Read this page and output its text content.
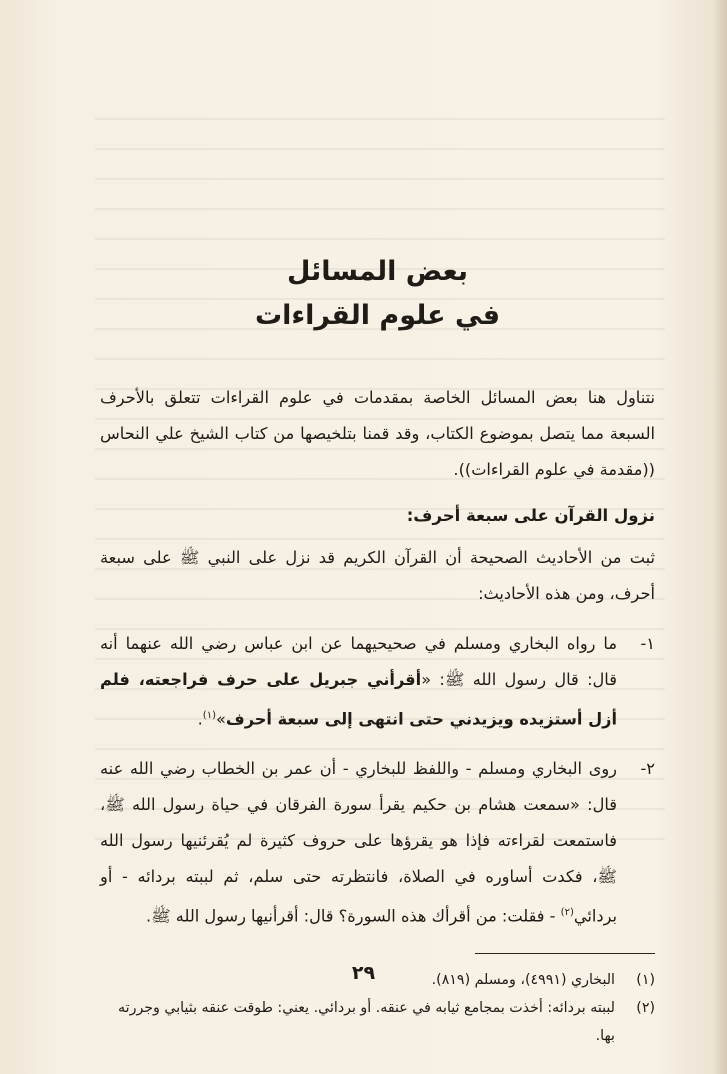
بعض المسائل
في علوم القراءات

نتناول هنا بعض المسائل الخاصة بمقدمات في علوم القراءات تتعلق بالأحرف السبعة مما يتصل بموضوع الكتاب، وقد قمنا بتلخيصها من كتاب الشيخ علي النحاس ((مقدمة في علوم القراءات)).

نزول القرآن على سبعة أحرف:

ثبت من الأحاديث الصحيحة أن القرآن الكريم قد نزل على النبي ﷺ على سبعة أحرف، ومن هذه الأحاديث:

١-
ما رواه البخاري ومسلم في صحيحيهما عن ابن عباس رضي الله عنهما أنه قال: قال رسول الله ﷺ: «أقرأني جبريل على حرف فراجعته، فلم أزل أستزيده ويزيدني حتى انتهى إلى سبعة أحرف»$^{(١)}$.
٢-
روى البخاري ومسلم - واللفظ للبخاري - أن عمر بن الخطاب رضي الله عنه قال: «سمعت هشام بن حكيم يقرأ سورة الفرقان في حياة رسول الله ﷺ، فاستمعت لقراءته فإذا هو يقرؤها على حروف كثيرة لم يُقرئنيها رسول الله ﷺ، فكدت أساوره في الصلاة، فانتظرته حتى سلم، ثم لببته بردائه - أو بردائي$^{(٢)}$ - فقلت: من أقرأك هذه السورة؟ قال: أقرأنيها رسول الله ﷺ.
(١)
البخاري (٤٩٩١)، ومسلم (٨١٩).
(٢)
لببته بردائه: أخذت بمجامع ثيابه في عنقه. أو بردائي. يعني: طوقت عنقه بثيابي وجررته بها.
٢٩
